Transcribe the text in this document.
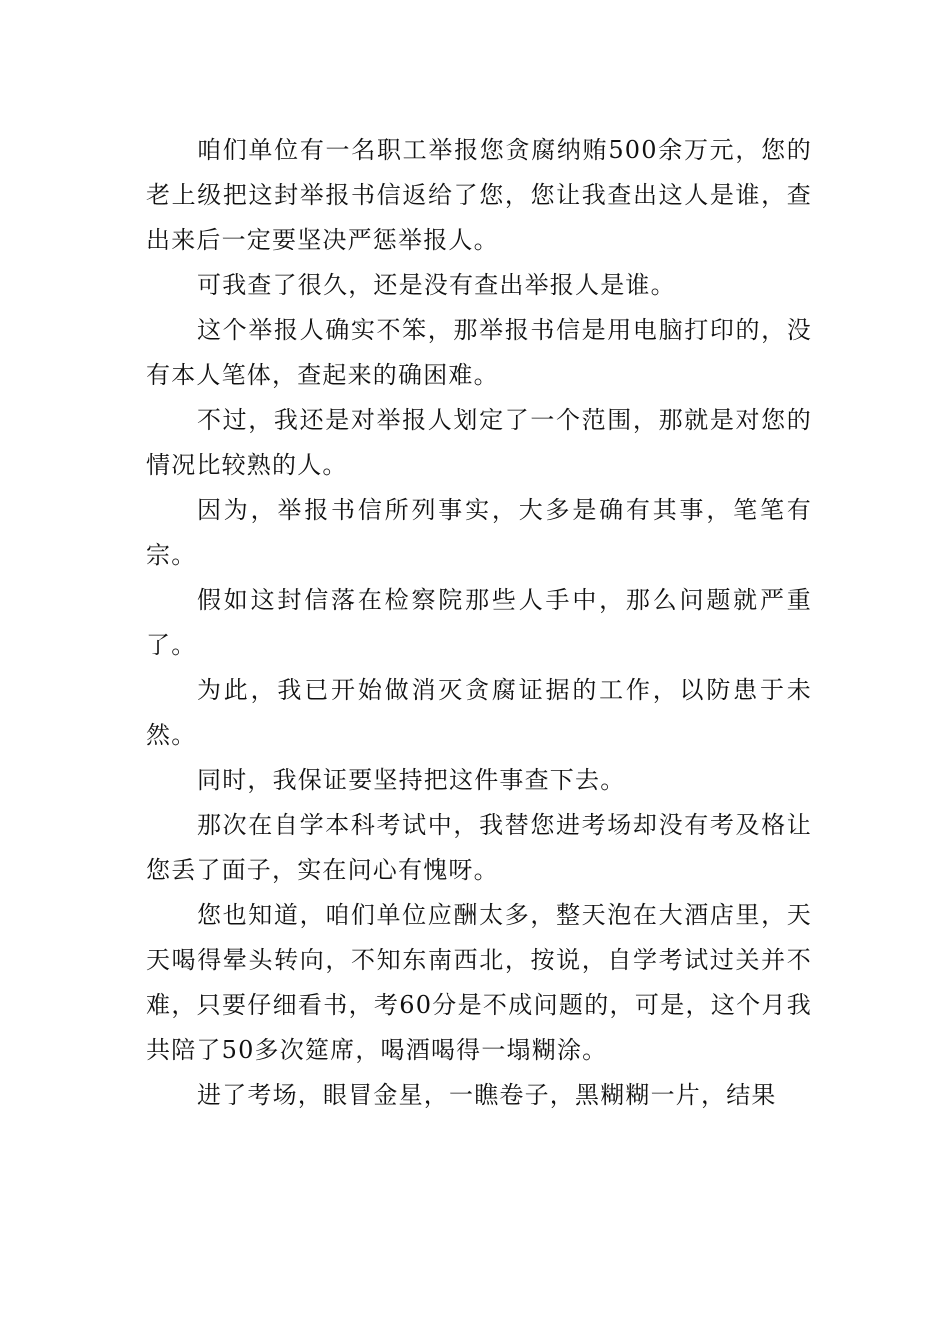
咱们单位有一名职工举报您贪腐纳贿500余万元，您的老上级把这封举报书信返给了您，您让我查出这人是谁，查出来后一定要坚决严惩举报人。

可我查了很久，还是没有查出举报人是谁。

这个举报人确实不笨，那举报书信是用电脑打印的，没有本人笔体，查起来的确困难。

不过，我还是对举报人划定了一个范围，那就是对您的情况比较熟的人。

因为，举报书信所列事实，大多是确有其事，笔笔有宗。

假如这封信落在检察院那些人手中，那么问题就严重了。

为此，我已开始做消灭贪腐证据的工作，以防患于未然。

同时，我保证要坚持把这件事查下去。

那次在自学本科考试中，我替您进考场却没有考及格让您丢了面子，实在问心有愧呀。

您也知道，咱们单位应酬太多，整天泡在大酒店里，天天喝得晕头转向，不知东南西北，按说，自学考试过关并不难，只要仔细看书，考60分是不成问题的，可是，这个月我共陪了50多次筵席，喝酒喝得一塌糊涂。

进了考场，眼冒金星，一瞧卷子，黑糊糊一片，结果
